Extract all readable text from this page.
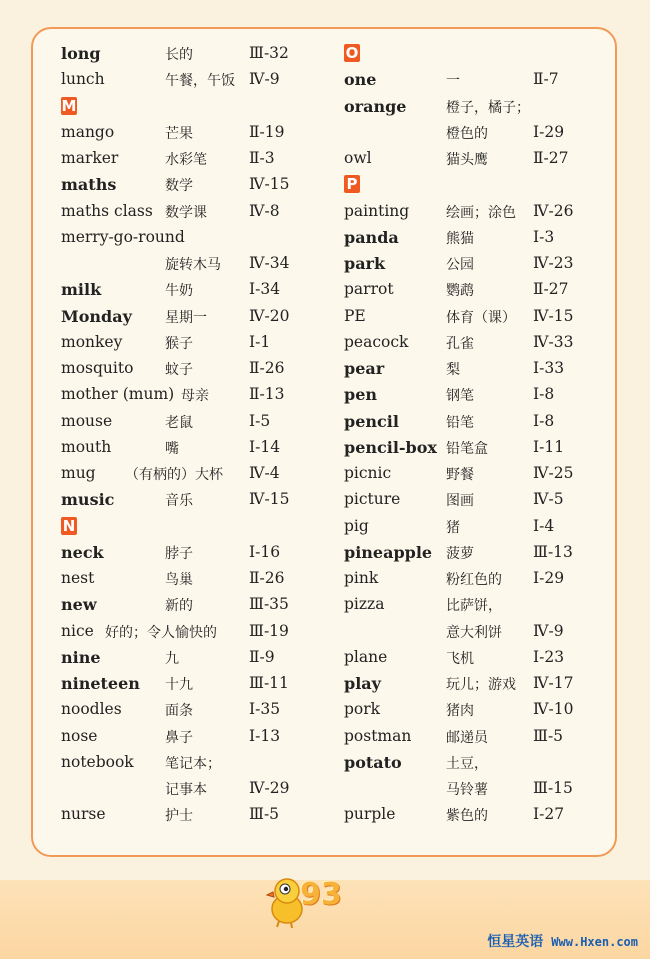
long	长的	Ⅲ-32
lunch	午餐，午饭 Ⅳ-9
M
mango	芒果	Ⅱ-19
marker	水彩笔	Ⅱ-3
maths	数学	Ⅳ-15
maths class 数学课	Ⅳ-8
merry-go-round
旋转木马 Ⅳ-34
milk	牛奶	Ⅰ-34
Monday 星期一	Ⅳ-20
monkey	猴子	Ⅰ-1
mosquito 蚊子	Ⅱ-26
mother (mum) 母亲	Ⅱ-13
mouse	老鼠	Ⅰ-5
mouth	嘴	Ⅰ-14
mug （有柄的）大杯 Ⅳ-4
music	音乐	Ⅳ-15
N
neck	脖子	Ⅰ-16
nest	鸟巢	Ⅱ-26
new	新的	Ⅲ-35
nice 好的；令人愉快的 Ⅲ-19
nine	九	Ⅱ-9
nineteen 十九	Ⅲ-11
noodles	面条	Ⅰ-35
nose	鼻子	Ⅰ-13
notebook 笔记本；
记事本	Ⅳ-29
nurse	护士	Ⅲ-5
O
one	一	Ⅱ-7
orange	橙子，橘子；
橙色的	Ⅰ-29
owl	猫头鹰	Ⅱ-27
P
painting	绘画；涂色 Ⅳ-26
panda	熊猫	Ⅰ-3
park	公园	Ⅳ-23
parrot	鹦鹉	Ⅱ-27
PE	体育（课） Ⅳ-15
peacock	孔雀	Ⅳ-33
pear	梨	Ⅰ-33
pen	钢笔	Ⅰ-8
pencil	铅笔	Ⅰ-8
pencil-box 铅笔盒	Ⅰ-11
picnic	野餐	Ⅳ-25
picture	图画	Ⅳ-5
pig	猪	Ⅰ-4
pineapple 菠萝	Ⅲ-13
pink	粉红色的 Ⅰ-29
pizza	比萨饼，
意大利饼 Ⅳ-9
plane	飞机	Ⅰ-23
play	玩儿；游戏 Ⅳ-17
pork	猪肉	Ⅳ-10
postman 邮递员	Ⅲ-5
potato	土豆，
马铃薯	Ⅲ-15
purple	紫色的	Ⅰ-27
93
恒星英语 Www.Hxen.com
